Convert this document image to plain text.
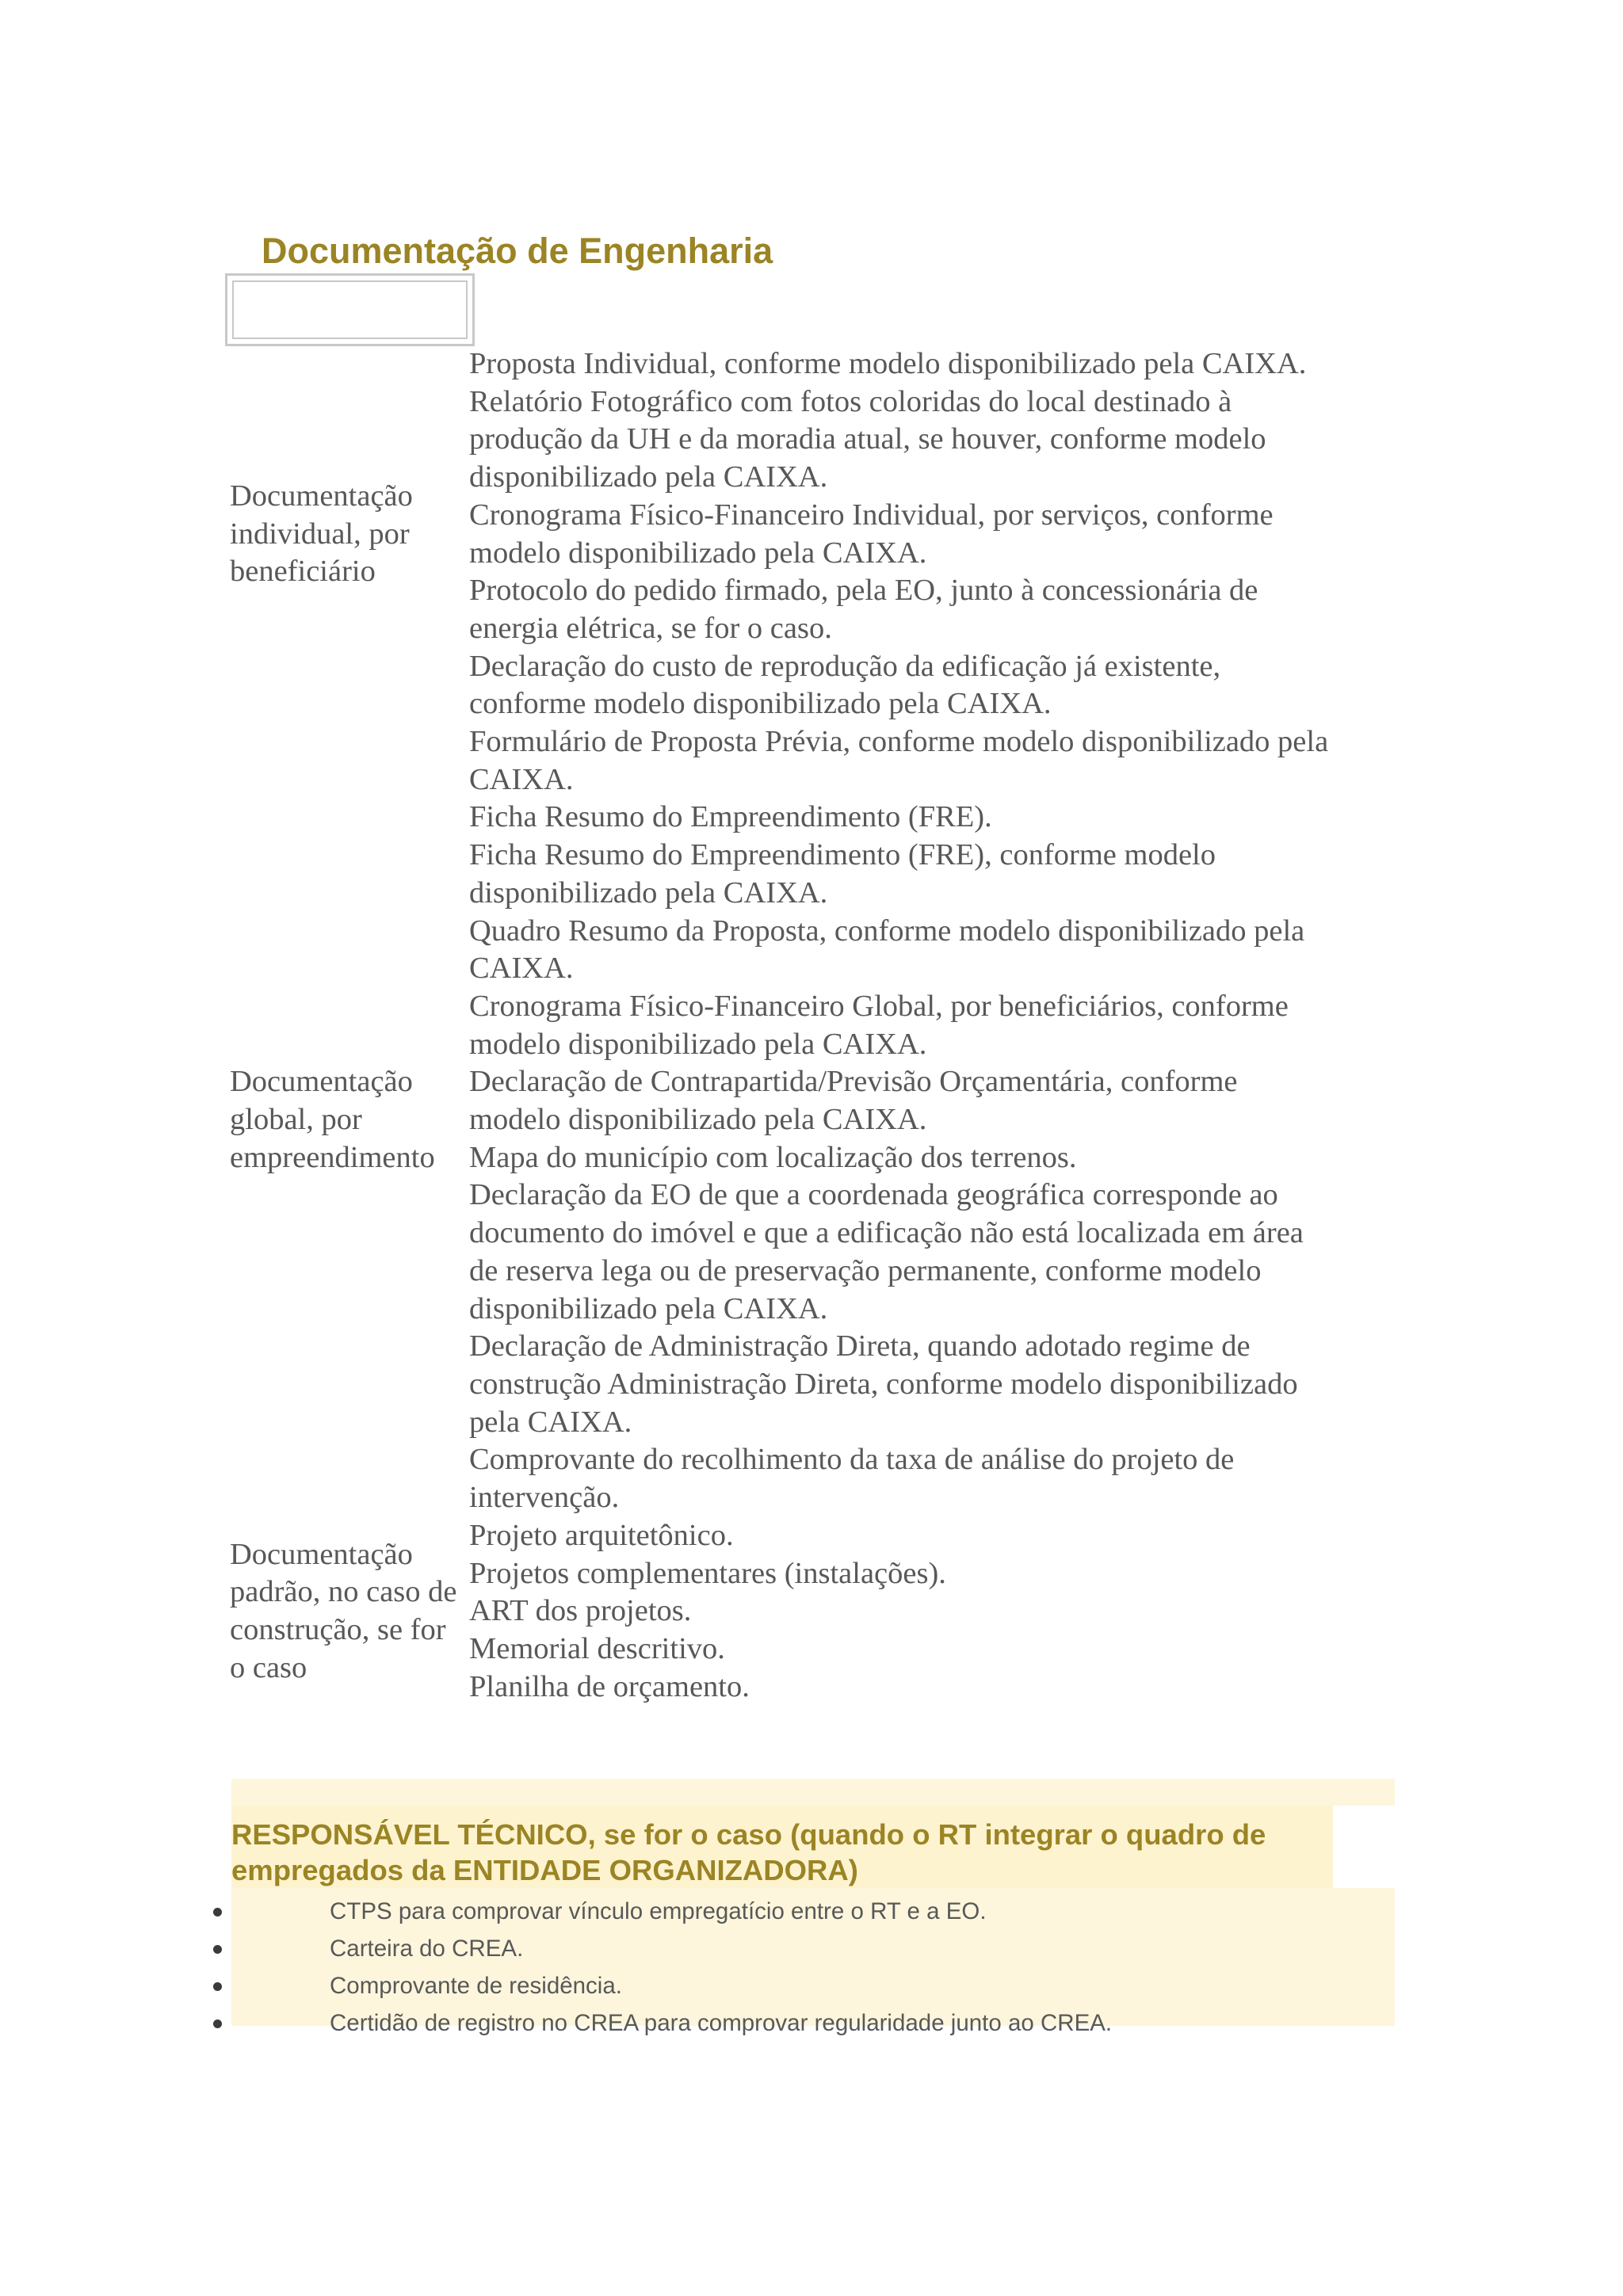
Documentação de Engenharia
Documentação individual, por beneficiário
Proposta Individual, conforme modelo disponibilizado pela CAIXA.
Relatório Fotográfico com fotos coloridas do local destinado à produção da UH e da moradia atual, se houver, conforme modelo disponibilizado pela CAIXA.
Cronograma Físico-Financeiro Individual, por serviços, conforme modelo disponibilizado pela CAIXA.
Protocolo do pedido firmado, pela EO, junto à concessionária de energia elétrica, se for o caso.
Declaração do custo de reprodução da edificação já existente, conforme modelo disponibilizado pela CAIXA.
Documentação global, por empreendimento
Formulário de Proposta Prévia, conforme modelo disponibilizado pela CAIXA.
Ficha Resumo do Empreendimento (FRE).
Ficha Resumo do Empreendimento (FRE), conforme modelo disponibilizado pela CAIXA.
Quadro Resumo da Proposta, conforme modelo disponibilizado pela CAIXA.
Cronograma Físico-Financeiro Global, por beneficiários, conforme modelo disponibilizado pela CAIXA.
Declaração de Contrapartida/Previsão Orçamentária, conforme modelo disponibilizado pela CAIXA.
Mapa do município com localização dos terrenos.
Declaração da EO de que a coordenada geográfica corresponde ao documento do imóvel e que a edificação não está localizada em área de reserva lega ou de preservação permanente, conforme modelo disponibilizado pela CAIXA.
Declaração de Administração Direta, quando adotado regime de construção Administração Direta, conforme modelo disponibilizado pela CAIXA.
Comprovante do recolhimento da taxa de análise do projeto de intervenção.
Documentação padrão, no caso de construção, se for o caso
Projeto arquitetônico.
Projetos complementares (instalações).
ART dos projetos.
Memorial descritivo.
Planilha de orçamento.
RESPONSÁVEL TÉCNICO, se for o caso (quando o RT integrar o quadro de empregados da ENTIDADE ORGANIZADORA)
CTPS para comprovar vínculo empregatício entre o RT e a EO.
Carteira do CREA.
Comprovante de residência.
Certidão de registro no CREA para comprovar regularidade junto ao CREA.
